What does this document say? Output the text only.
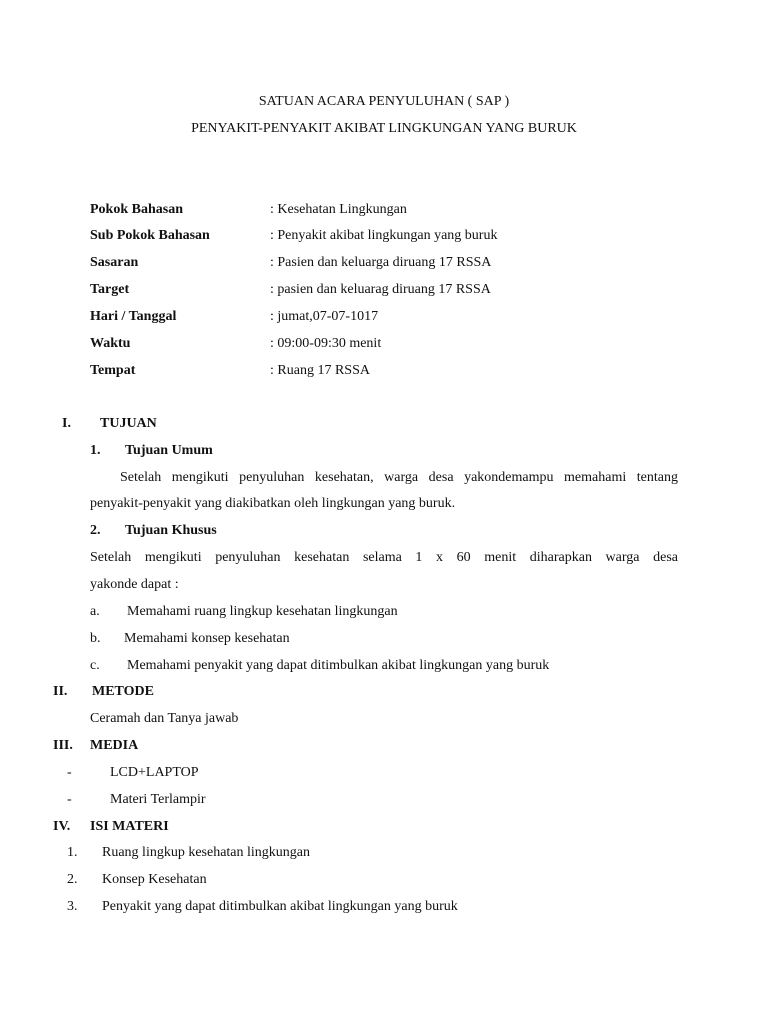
SATUAN ACARA PENYULUHAN ( SAP )
PENYAKIT-PENYAKIT AKIBAT LINGKUNGAN YANG BURUK
Pokok Bahasan	: Kesehatan Lingkungan
Sub Pokok Bahasan	: Penyakit akibat lingkungan yang buruk
Sasaran	: Pasien dan keluarga diruang 17 RSSA
Target	: pasien dan keluarag diruang 17 RSSA
Hari / Tanggal	: jumat,07-07-1017
Waktu	: 09:00-09:30 menit
Tempat	: Ruang 17 RSSA
I. TUJUAN
1. Tujuan Umum
Setelah mengikuti penyuluhan kesehatan, warga desa yakondemampu memahami tentang
penyakit-penyakit yang diakibatkan oleh lingkungan yang buruk.
2. Tujuan Khusus
Setelah mengikuti penyuluhan kesehatan selama 1 x 60 menit diharapkan warga desa
yakonde dapat :
a. Memahami ruang lingkup kesehatan lingkungan
b. Memahami konsep kesehatan
c. Memahami penyakit yang dapat ditimbulkan akibat lingkungan yang buruk
II. METODE
Ceramah dan Tanya jawab
III. MEDIA
-	LCD+LAPTOP
-	Materi Terlampir
IV. ISI MATERI
1. Ruang lingkup kesehatan lingkungan
2. Konsep Kesehatan
3. Penyakit yang dapat ditimbulkan akibat lingkungan yang buruk
